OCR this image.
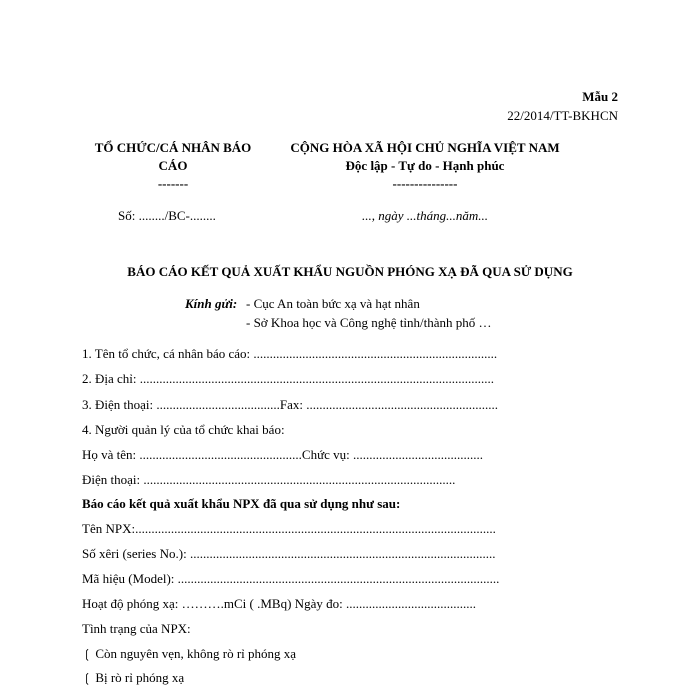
Mẫu 2
22/2014/TT-BKHCN
TỔ CHỨC/CÁ NHÂN BÁO
CÁO
-------
Số: ......../BC-........
CỘNG HÒA XÃ HỘI CHỦ NGHĨA VIỆT NAM
Độc lập - Tự do - Hạnh phúc
---------------
..., ngày ...tháng...năm...
BÁO CÁO KẾT QUẢ XUẤT KHẨU NGUỒN PHÓNG XẠ ĐÃ QUA SỬ DỤNG
Kính gửi: - Cục An toàn bức xạ và hạt nhân
- Sở Khoa học và Công nghệ tỉnh/thành phố …
1. Tên tổ chức, cá nhân báo cáo: ...........................................................................
2. Địa chỉ: .............................................................................................................
3. Điện thoại: ......................................Fax: ...........................................................
4. Người quản lý của tổ chức khai báo:
Họ và tên: ..................................................Chức vụ: ........................................
Điện thoại: ................................................................................................
Báo cáo kết quả xuất khẩu NPX đã qua sử dụng như sau:
Tên NPX:...............................................................................................................
Số xêri (series No.): ..............................................................................................
Mã hiệu (Model): ...................................................................................................
Hoạt độ phóng xạ: ……….mCi ( .MBq) Ngày đo: ........................................
Tình trạng của NPX:
❲ Còn nguyên vẹn, không rò rỉ phóng xạ
❲ Bị rò rỉ phóng xạ
